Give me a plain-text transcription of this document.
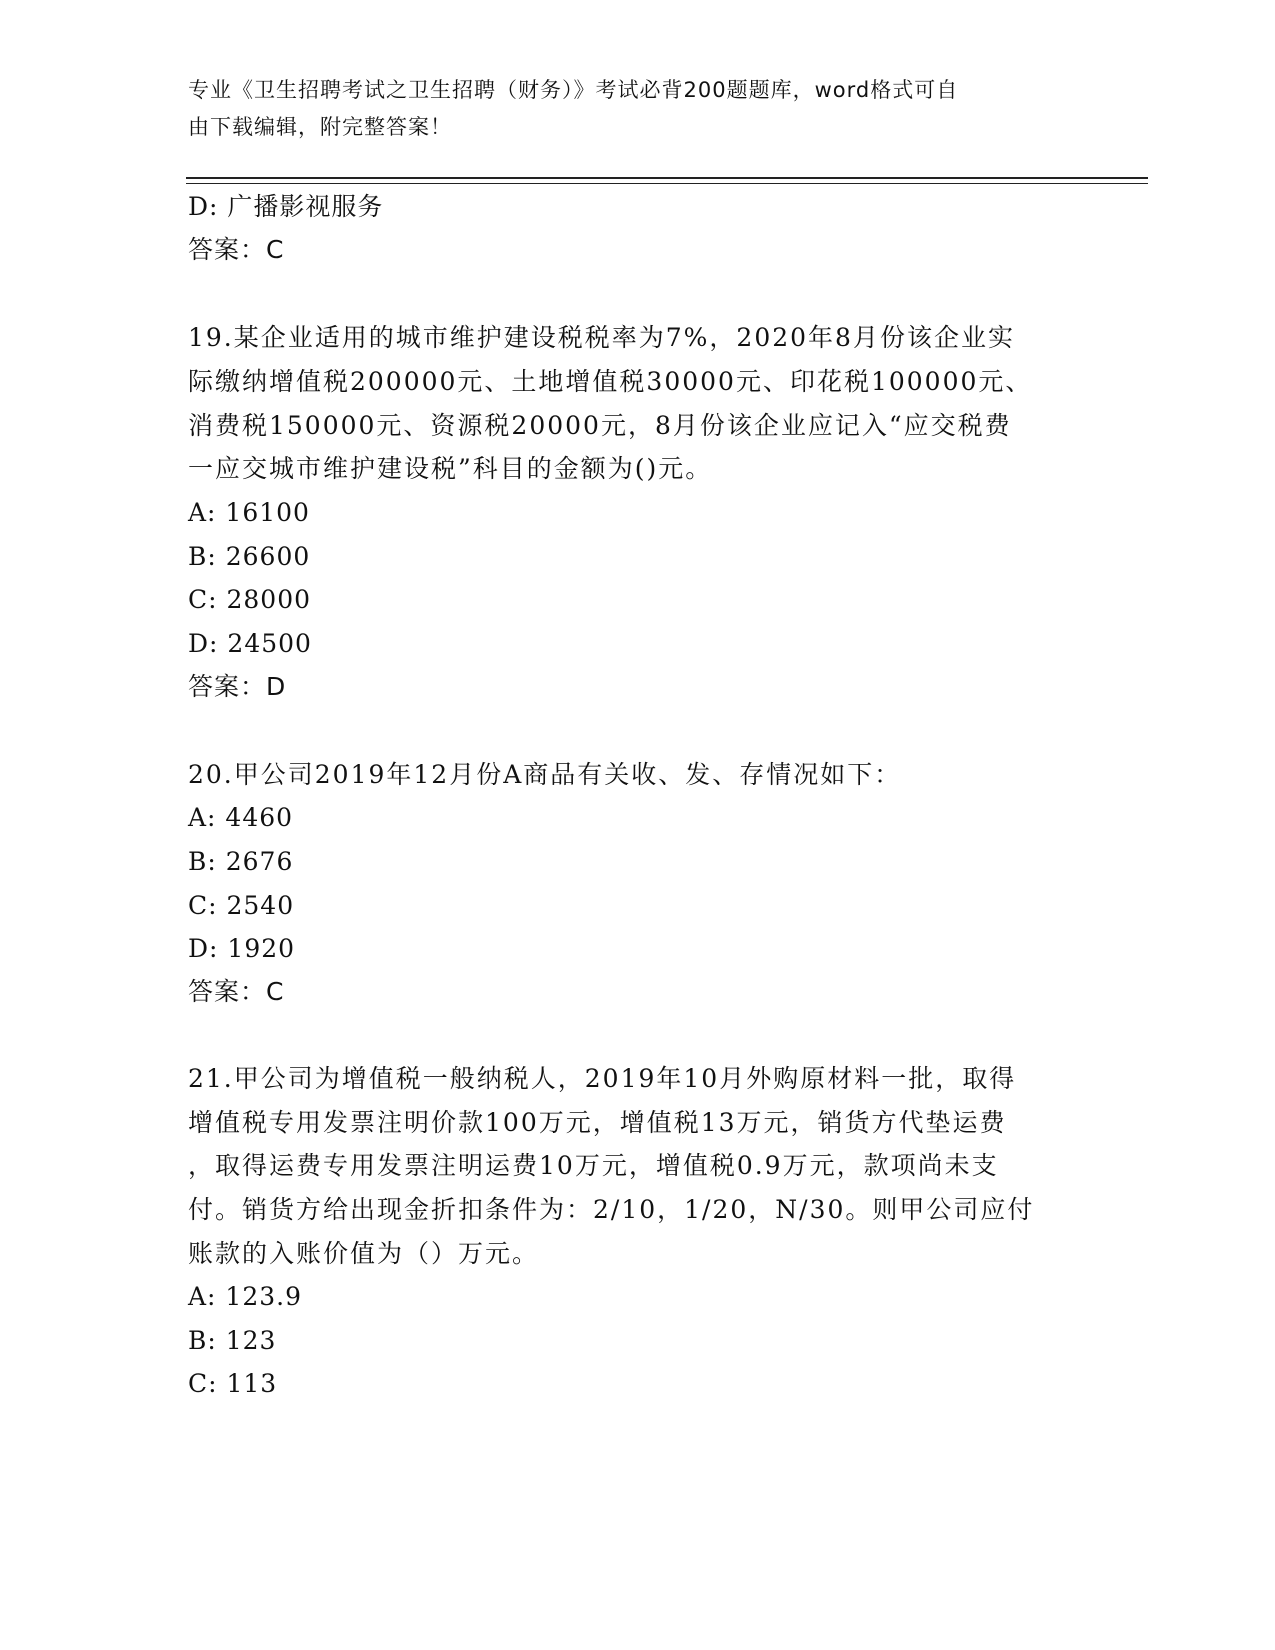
专业《卫生招聘考试之卫生招聘（财务）》考试必背200题题库，word格式可自
由下载编辑，附完整答案！
D: 广播影视服务
答案：C
19.某企业适用的城市维护建设税税率为7%，2020年8月份该企业实
际缴纳增值税200000元、土地增值税30000元、印花税100000元、
消费税150000元、资源税20000元，8月份该企业应记入“应交税费
一应交城市维护建设税”科目的金额为()元。
A: 16100
B: 26600
C: 28000
D: 24500
答案：D
20.甲公司2019年12月份A商品有关收、发、存情况如下：
A: 4460
B: 2676
C: 2540
D: 1920
答案：C
21.甲公司为增值税一般纳税人，2019年10月外购原材料一批，取得
增值税专用发票注明价款100万元，增值税13万元，销货方代垫运费
，取得运费专用发票注明运费10万元，增值税0.9万元，款项尚未支
付。销货方给出现金折扣条件为：2/10，1/20，N/30。则甲公司应付
账款的入账价值为（）万元。
A: 123.9
B: 123
C: 113
